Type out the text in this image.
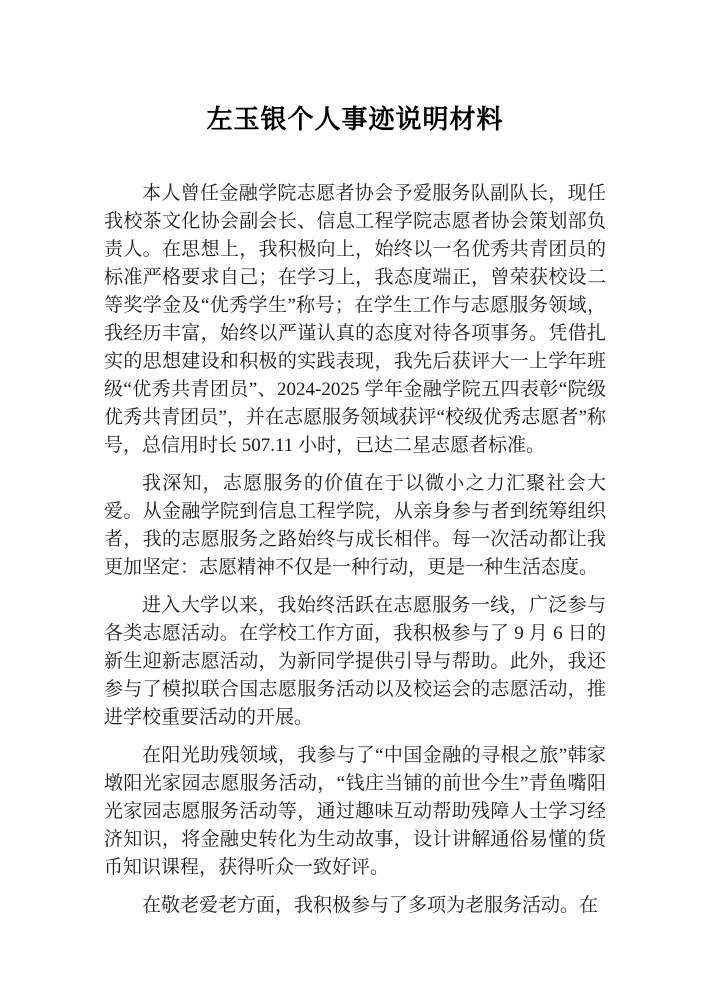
左玉银个人事迹说明材料

本人曾任金融学院志愿者协会予爱服务队副队长，现任我校茶文化协会副会长、信息工程学院志愿者协会策划部负责人。在思想上，我积极向上，始终以一名优秀共青团员的标准严格要求自己；在学习上，我态度端正，曾荣获校设二等奖学金及“优秀学生”称号；在学生工作与志愿服务领域，我经历丰富，始终以严谨认真的态度对待各项事务。凭借扎实的思想建设和积极的实践表现，我先后获评大一上学年班级“优秀共青团员”、2024-2025 学年金融学院五四表彰“院级优秀共青团员”，并在志愿服务领域获评“校级优秀志愿者”称号，总信用时长 507.11 小时，已达二星志愿者标准。

我深知，志愿服务的价值在于以微小之力汇聚社会大爱。从金融学院到信息工程学院，从亲身参与者到统筹组织者，我的志愿服务之路始终与成长相伴。每一次活动都让我更加坚定：志愿精神不仅是一种行动，更是一种生活态度。

进入大学以来，我始终活跃在志愿服务一线，广泛参与各类志愿活动。在学校工作方面，我积极参与了 9 月 6 日的新生迎新志愿活动，为新同学提供引导与帮助。此外，我还参与了模拟联合国志愿服务活动以及校运会的志愿活动，推进学校重要活动的开展。

在阳光助残领域，我参与了“中国金融的寻根之旅”韩家墩阳光家园志愿服务活动，“钱庄当铺的前世今生”青鱼嘴阳光家园志愿服务活动等，通过趣味互动帮助残障人士学习经济知识，将金融史转化为生动故事，设计讲解通俗易懂的货币知识课程，获得听众一致好评。

在敬老爱老方面，我积极参与了多项为老服务活动。在
